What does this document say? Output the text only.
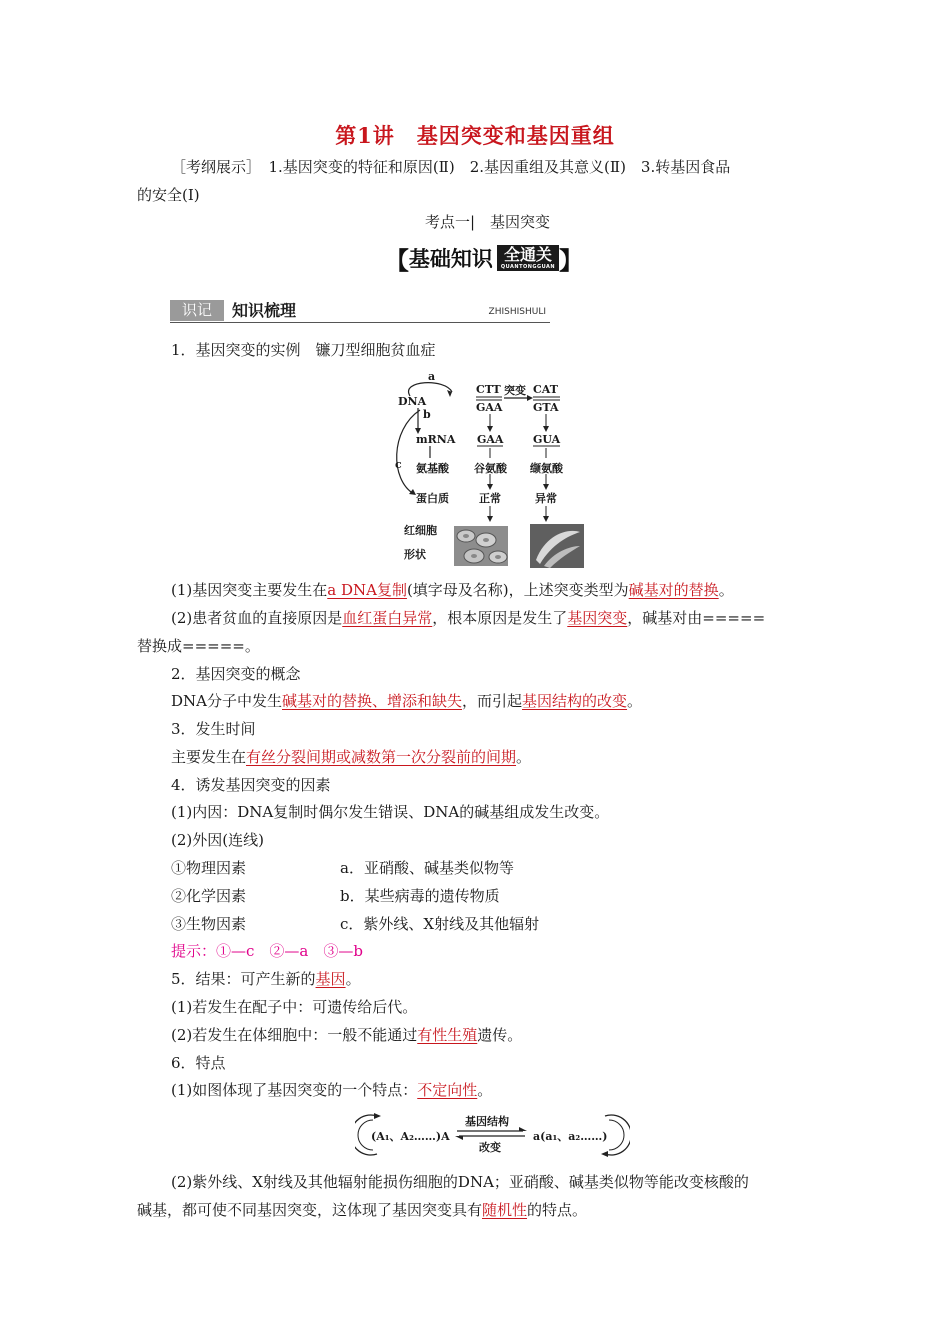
第1讲　基因突变和基因重组
［考纲展示］　1.基因突变的特征和原因(Ⅱ)　2.基因重组及其意义(Ⅱ)　3.转基因食品
的安全(Ⅰ)
考点一|　基因突变
【 基础知识 全通关
QUANTONGGUAN 】
识记	知识梳理	ZHISHISHULI
1．基因突变的实例　镰刀型细胞贫血症
a
DNA
b
c
mRNA
氨基酸
蛋白质
CTT 突变 CAT
GAA	GTA
GAA	GUA
谷氨酸 缬氨酸
正常	异常
红细胞
形状
(1)基因突变主要发生在a DNA复制(填字母及名称)，上述突变类型为碱基对的替换。
(2)患者贫血的直接原因是血红蛋白异常，根本原因是发生了基因突变，碱基对由=====
替换成=====。
2．基因突变的概念
DNA分子中发生碱基对的替换、增添和缺失，而引起基因结构的改变。
3．发生时间
主要发生在有丝分裂间期或减数第一次分裂前的间期。
4．诱发基因突变的因素
(1)内因：DNA复制时偶尔发生错误、DNA的碱基组成发生改变。
(2)外因(连线)
①物理因素	a．亚硝酸、碱基类似物等
②化学因素	b．某些病毒的遗传物质
③生物因素	c．紫外线、X射线及其他辐射
提示：①—c　②—a　③—b
5．结果：可产生新的基因。
(1)若发生在配子中：可遗传给后代。
(2)若发生在体细胞中：一般不能通过有性生殖遗传。
6．特点
(1)如图体现了基因突变的一个特点：不定向性。
(A₁、A₂……)A
基因结构
改变
a(a₁、a₂……)
(2)紫外线、X射线及其他辐射能损伤细胞的DNA；亚硝酸、碱基类似物等能改变核酸的
碱基，都可使不同基因突变，这体现了基因突变具有随机性的特点。
